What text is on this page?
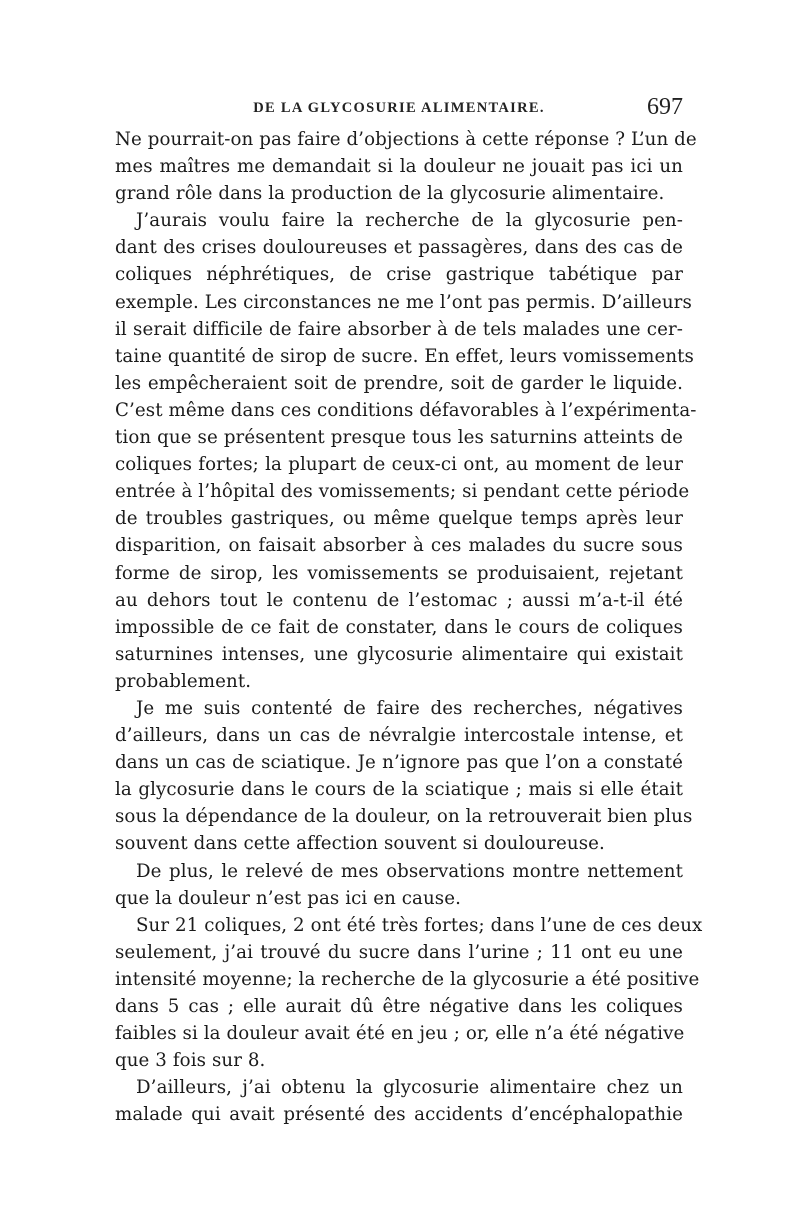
DE LA GLYCOSURIE ALIMENTAIRE.	697
Ne pourrait-on pas faire d’objections à cette réponse ? L’un de
mes maîtres me demandait si la douleur ne jouait pas ici un
grand rôle dans la production de la glycosurie alimentaire.
J’aurais voulu faire la recherche de la glycosurie pen-
dant des crises douloureuses et passagères, dans des cas de
coliques néphrétiques, de crise gastrique tabétique par
exemple. Les circonstances ne me l’ont pas permis. D’ailleurs
il serait difficile de faire absorber à de tels malades une cer-
taine quantité de sirop de sucre. En effet, leurs vomissements
les empêcheraient soit de prendre, soit de garder le liquide.
C’est même dans ces conditions défavorables à l’expérimenta-
tion que se présentent presque tous les saturnins atteints de
coliques fortes; la plupart de ceux-ci ont, au moment de leur
entrée à l’hôpital des vomissements; si pendant cette période
de troubles gastriques, ou même quelque temps après leur
disparition, on faisait absorber à ces malades du sucre sous
forme de sirop, les vomissements se produisaient, rejetant
au dehors tout le contenu de l’estomac ; aussi m’a-t-il été
impossible de ce fait de constater, dans le cours de coliques
saturnines intenses, une glycosurie alimentaire qui existait
probablement.
Je me suis contenté de faire des recherches, négatives
d’ailleurs, dans un cas de névralgie intercostale intense, et
dans un cas de sciatique. Je n’ignore pas que l’on a constaté
la glycosurie dans le cours de la sciatique ; mais si elle était
sous la dépendance de la douleur, on la retrouverait bien plus
souvent dans cette affection souvent si douloureuse.
De plus, le relevé de mes observations montre nettement
que la douleur n’est pas ici en cause.
Sur 21 coliques, 2 ont été très fortes; dans l’une de ces deux
seulement, j’ai trouvé du sucre dans l’urine ; 11 ont eu une
intensité moyenne; la recherche de la glycosurie a été positive
dans 5 cas ; elle aurait dû être négative dans les coliques
faibles si la douleur avait été en jeu ; or, elle n’a été négative
que 3 fois sur 8.
D’ailleurs, j’ai obtenu la glycosurie alimentaire chez un
malade qui avait présenté des accidents d’encéphalopathie
